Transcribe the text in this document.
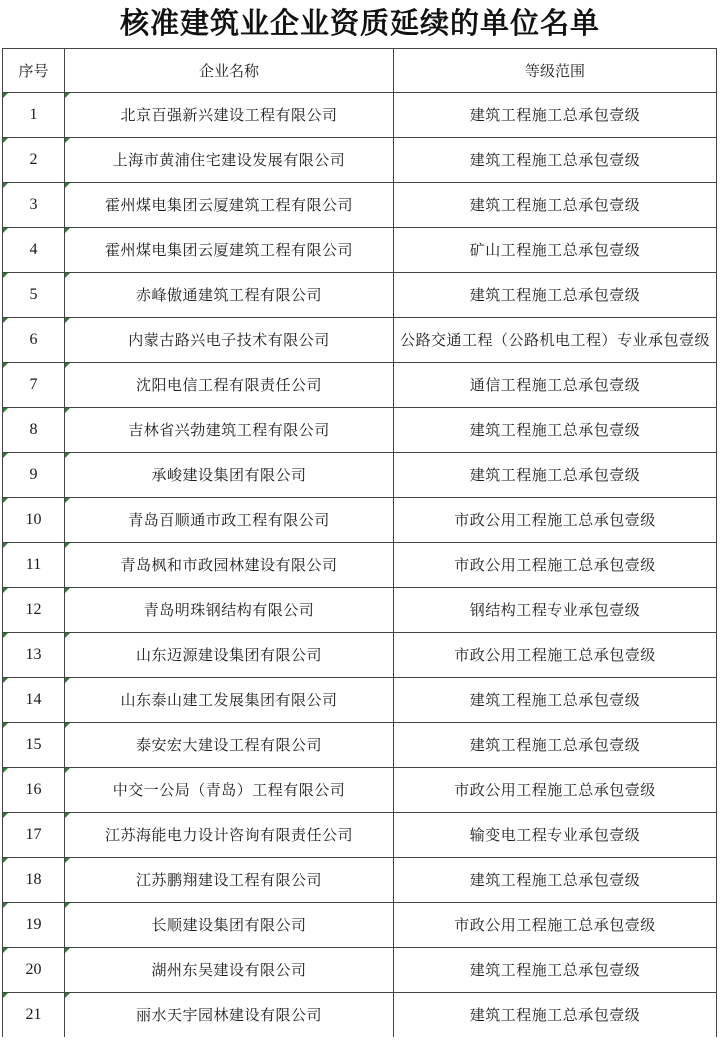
核准建筑业企业资质延续的单位名单
序号	企业名称	等级范围
1	北京百强新兴建设工程有限公司	建筑工程施工总承包壹级
2	上海市黄浦住宅建设发展有限公司	建筑工程施工总承包壹级
3	霍州煤电集团云厦建筑工程有限公司	建筑工程施工总承包壹级
4	霍州煤电集团云厦建筑工程有限公司	矿山工程施工总承包壹级
5	赤峰傲通建筑工程有限公司	建筑工程施工总承包壹级
6	内蒙古路兴电子技术有限公司	公路交通工程（公路机电工程）专业承包壹级
7	沈阳电信工程有限责任公司	通信工程施工总承包壹级
8	吉林省兴勃建筑工程有限公司	建筑工程施工总承包壹级
9	承峻建设集团有限公司	建筑工程施工总承包壹级
10	青岛百顺通市政工程有限公司	市政公用工程施工总承包壹级
11	青岛枫和市政园林建设有限公司	市政公用工程施工总承包壹级
12	青岛明珠钢结构有限公司	钢结构工程专业承包壹级
13	山东迈源建设集团有限公司	市政公用工程施工总承包壹级
14	山东泰山建工发展集团有限公司	建筑工程施工总承包壹级
15	泰安宏大建设工程有限公司	建筑工程施工总承包壹级
16	中交一公局（青岛）工程有限公司	市政公用工程施工总承包壹级
17	江苏海能电力设计咨询有限责任公司	输变电工程专业承包壹级
18	江苏鹏翔建设工程有限公司	建筑工程施工总承包壹级
19	长顺建设集团有限公司	市政公用工程施工总承包壹级
20	湖州东吴建设有限公司	建筑工程施工总承包壹级
21	丽水天宇园林建设有限公司	建筑工程施工总承包壹级
